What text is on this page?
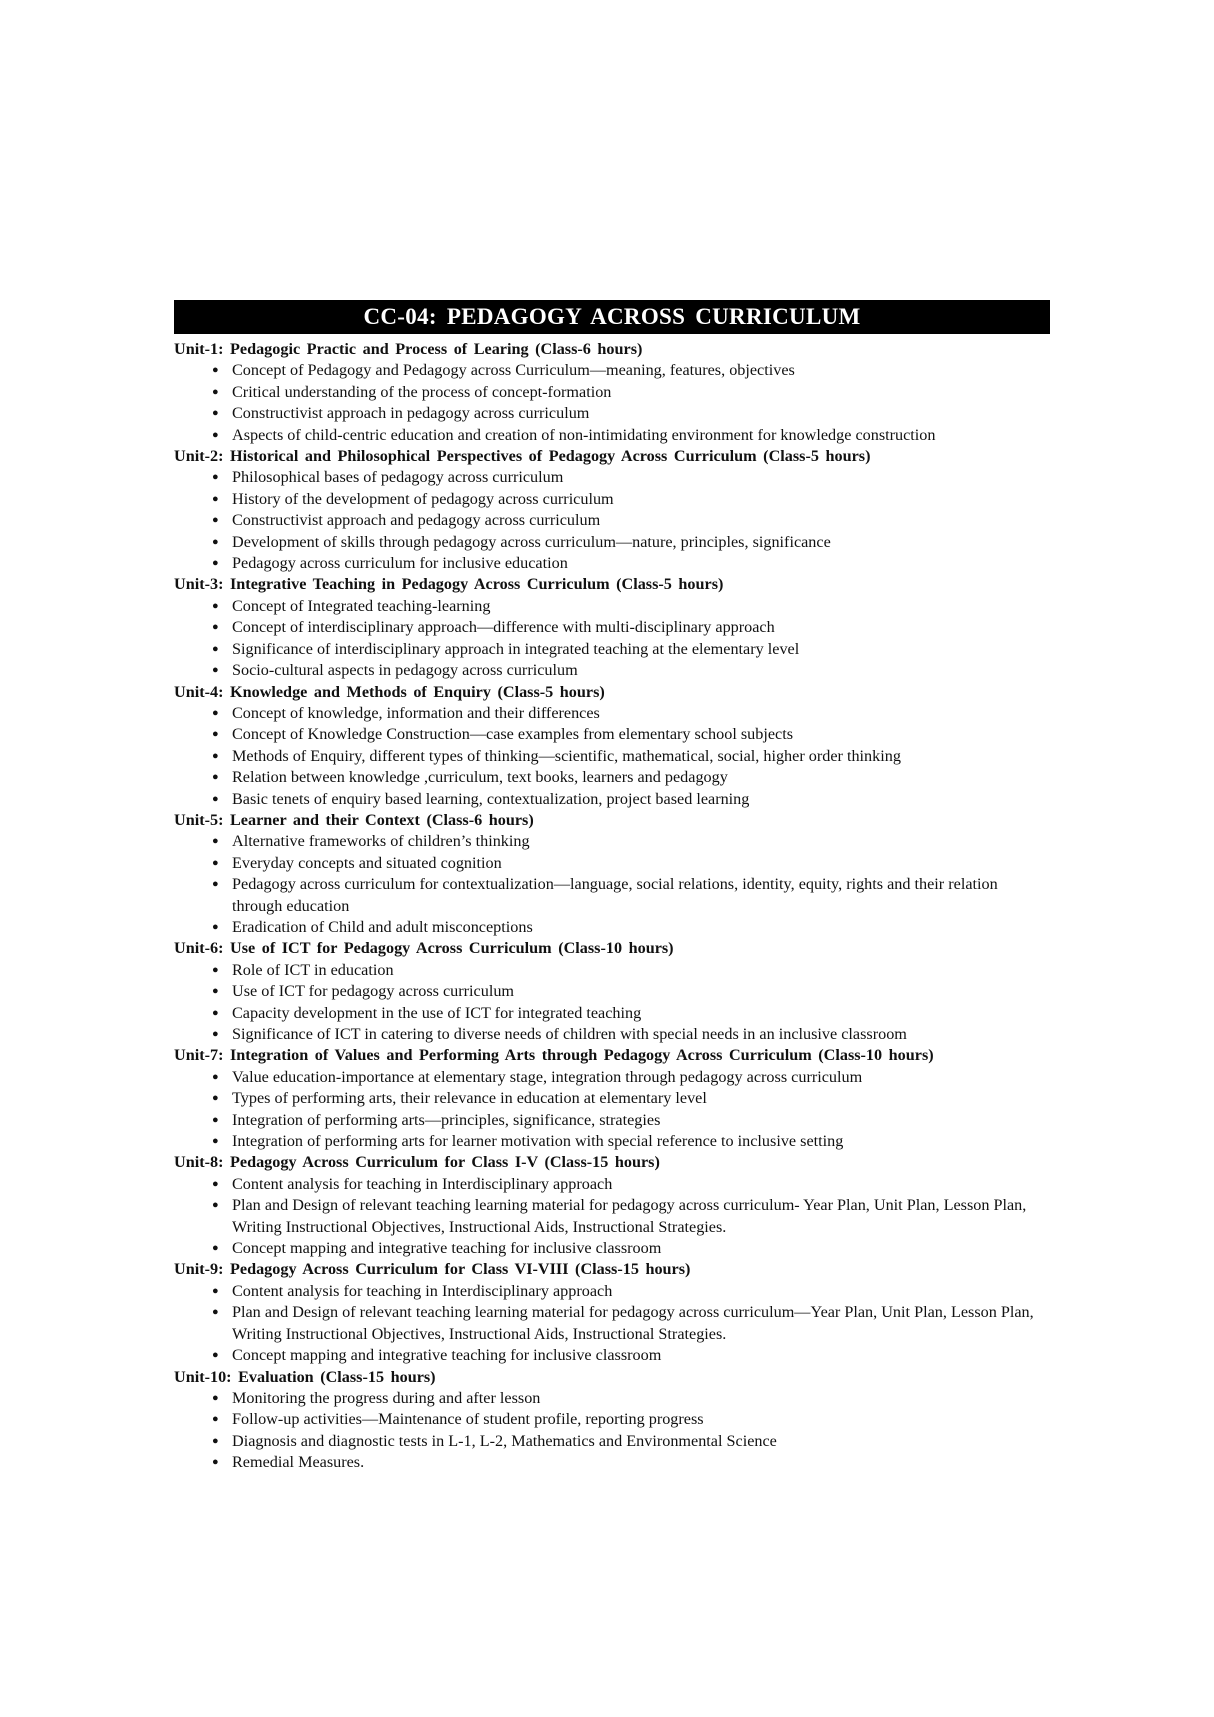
CC-04: PEDAGOGY ACROSS CURRICULUM
Unit-1: Pedagogic Practic and Process of Learing (Class-6 hours)
● Concept of Pedagogy and Pedagogy across Curriculum—meaning, features, objectives
● Critical understanding of the process of concept-formation
● Constructivist approach in pedagogy across curriculum
● Aspects of child-centric education and creation of non-intimidating environment for knowledge construction
Unit-2: Historical and Philosophical Perspectives of Pedagogy Across Curriculum (Class-5 hours)
● Philosophical bases of pedagogy across curriculum
● History of the development of pedagogy across curriculum
● Constructivist approach and pedagogy across curriculum
● Development of skills through pedagogy across curriculum—nature, principles, significance
● Pedagogy across curriculum for inclusive education
Unit-3: Integrative Teaching in Pedagogy Across Curriculum (Class-5 hours)
● Concept of Integrated teaching-learning
● Concept of interdisciplinary approach—difference with multi-disciplinary approach
● Significance of interdisciplinary approach in integrated teaching at the elementary level
● Socio-cultural aspects in pedagogy across curriculum
Unit-4: Knowledge and Methods of Enquiry (Class-5 hours)
● Concept of knowledge, information and their differences
● Concept of Knowledge Construction—case examples from elementary school subjects
● Methods of Enquiry, different types of thinking—scientific, mathematical, social, higher order thinking
● Relation between knowledge ,curriculum, text books, learners and pedagogy
● Basic tenets of enquiry based learning, contextualization, project based learning
Unit-5: Learner and their Context (Class-6 hours)
● Alternative frameworks of children’s thinking
● Everyday concepts and situated cognition
● Pedagogy across curriculum for contextualization—language, social relations, identity, equity, rights and their relation through education
● Eradication of Child and adult misconceptions
Unit-6: Use of ICT for Pedagogy Across Curriculum (Class-10 hours)
● Role of ICT in education
● Use of ICT for pedagogy across curriculum
● Capacity development in the use of ICT for integrated teaching
● Significance of ICT in catering to diverse needs of children with special needs in an inclusive classroom
Unit-7: Integration of Values and Performing Arts through Pedagogy Across Curriculum (Class-10 hours)
● Value education-importance at elementary stage, integration through pedagogy across curriculum
● Types of performing arts, their relevance in education at elementary level
● Integration of performing arts—principles, significance, strategies
● Integration of performing arts for learner motivation with special reference to inclusive setting
Unit-8: Pedagogy Across Curriculum for Class I-V (Class-15 hours)
● Content analysis for teaching in Interdisciplinary approach
● Plan and Design of relevant teaching learning material for pedagogy across curriculum- Year Plan, Unit Plan, Lesson Plan, Writing Instructional Objectives, Instructional Aids, Instructional Strategies.
● Concept mapping and integrative teaching for inclusive classroom
Unit-9: Pedagogy Across Curriculum for Class VI-VIII (Class-15 hours)
● Content analysis for teaching in Interdisciplinary approach
● Plan and Design of relevant teaching learning material for pedagogy across curriculum—Year Plan, Unit Plan, Lesson Plan, Writing Instructional Objectives, Instructional Aids, Instructional Strategies.
● Concept mapping and integrative teaching for inclusive classroom
Unit-10: Evaluation (Class-15 hours)
● Monitoring the progress during and after lesson
● Follow-up activities—Maintenance of student profile, reporting progress
● Diagnosis and diagnostic tests in L-1, L-2, Mathematics and Environmental Science
● Remedial Measures.
